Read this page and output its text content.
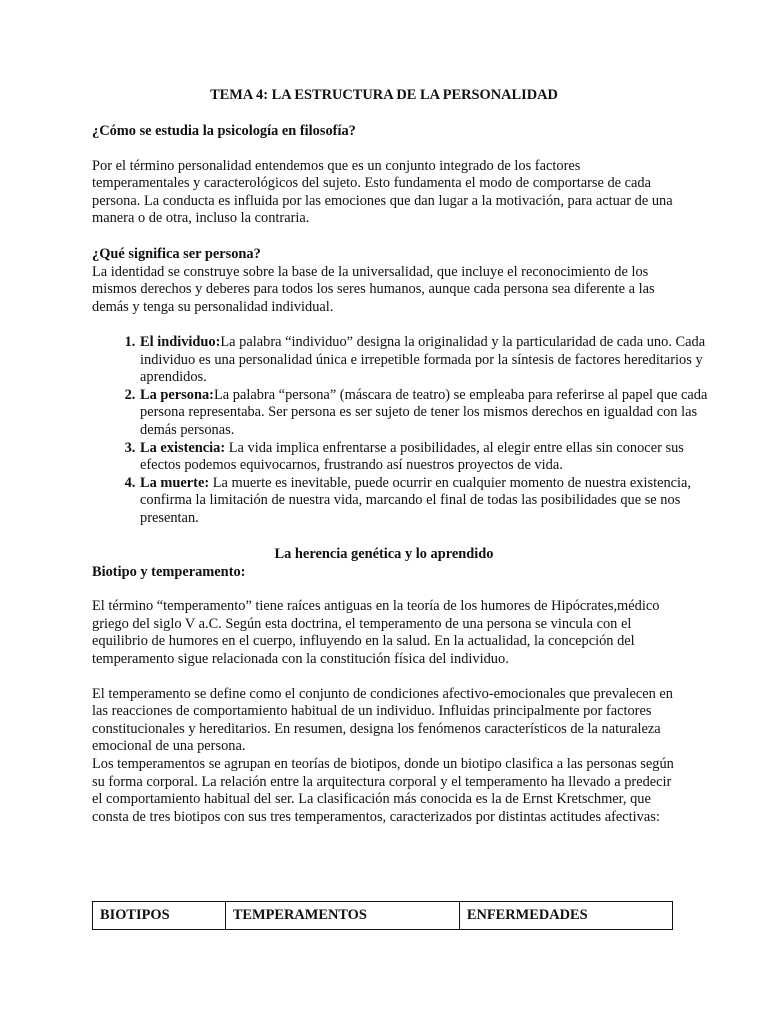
TEMA 4: LA ESTRUCTURA DE LA PERSONALIDAD

¿Cómo se estudia la psicología en filosofía?

Por el término personalidad entendemos que es un conjunto integrado de los factores temperamentales y caracterológicos del sujeto. Esto fundamenta el modo de comportarse de cada persona. La conducta es influida por las emociones que dan lugar a la motivación, para actuar de una manera o de otra, incluso la contraria.

¿Qué significa ser persona?

La identidad se construye sobre la base de la universalidad, que incluye el reconocimiento de los mismos derechos y deberes para todos los seres humanos, aunque cada persona sea diferente a las demás y tenga su personalidad individual.

1. El individuo:La palabra “individuo” designa la originalidad y la particularidad de cada uno. Cada individuo es una personalidad única e irrepetible formada por la síntesis de factores hereditarios y aprendidos.
2. La persona:La palabra “persona” (máscara de teatro) se empleaba para referirse al papel que cada persona representaba. Ser persona es ser sujeto de tener los mismos derechos en igualdad con las demás personas.
3. La existencia: La vida implica enfrentarse a posibilidades, al elegir entre ellas sin conocer sus efectos podemos equivocarnos, frustrando así nuestros proyectos de vida.
4. La muerte: La muerte es inevitable, puede ocurrir en cualquier momento de nuestra existencia, confirma la limitación de nuestra vida, marcando el final de todas las posibilidades que se nos presentan.

La herencia genética y lo aprendido

Biotipo y temperamento:

El término “temperamento” tiene raíces antiguas en la teoría de los humores de Hipócrates,médico griego del siglo V a.C. Según esta doctrina, el temperamento de una persona se vincula con el equilibrio de humores en el cuerpo, influyendo en la salud. En la actualidad, la concepción del temperamento sigue relacionada con la constitución física del individuo.

El temperamento se define como el conjunto de condiciones afectivo-emocionales que prevalecen en las reacciones de comportamiento habitual de un individuo. Influidas principalmente por factores constitucionales y hereditarios. En resumen, designa los fenómenos característicos de la naturaleza emocional de una persona.

Los temperamentos se agrupan en teorías de biotipos, donde un biotipo clasifica a las personas según su forma corporal. La relación entre la arquitectura corporal y el temperamento ha llevado a predecir el comportamiento habitual del ser. La clasificación más conocida es la de Ernst Kretschmer, que consta de tres biotipos con sus tres temperamentos, caracterizados por distintas actitudes afectivas:

BIOTIPOS	TEMPERAMENTOS	ENFERMEDADES
